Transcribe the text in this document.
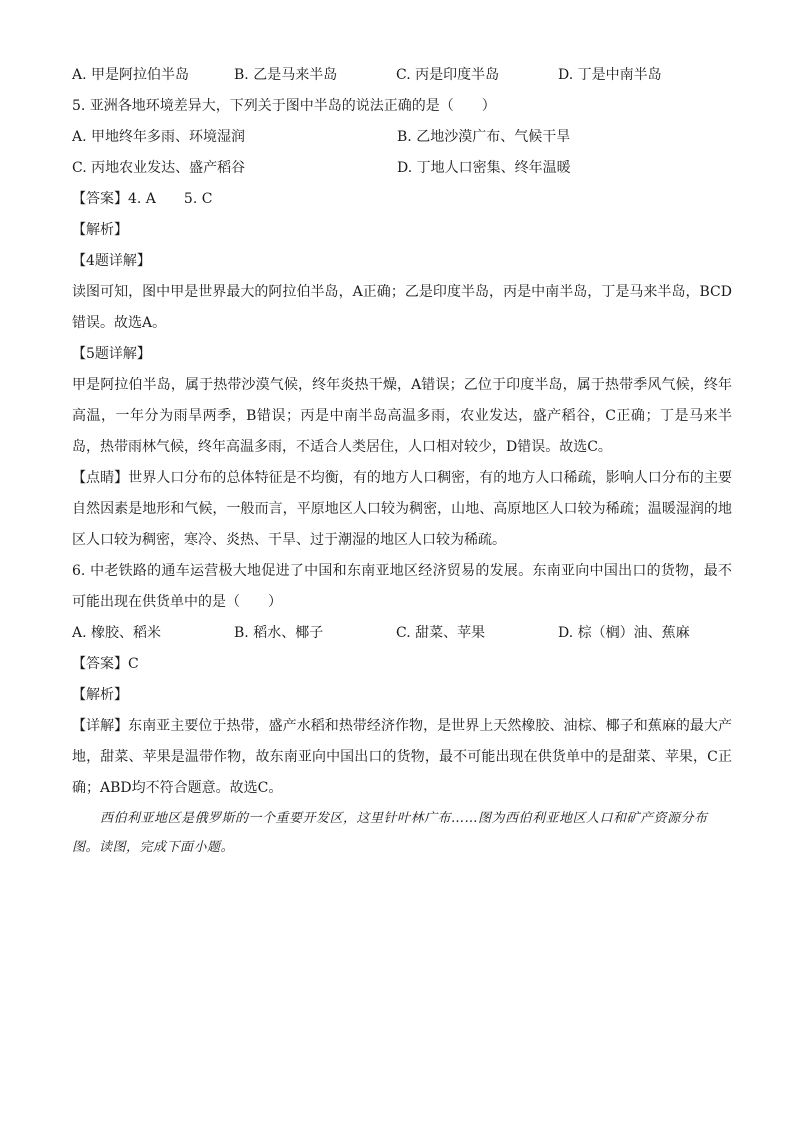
A. 甲是阿拉伯半岛	B. 乙是马来半岛	C. 丙是印度半岛	D. 丁是中南半岛
5. 亚洲各地环境差异大，下列关于图中半岛的说法正确的是（　　）
A. 甲地终年多雨、环境湿润	B. 乙地沙漠广布、气候干旱
C. 丙地农业发达、盛产稻谷	D. 丁地人口密集、终年温暖
【答案】4. A　　5. C
【解析】
【4题详解】
读图可知，图中甲是世界最大的阿拉伯半岛，A正确；乙是印度半岛，丙是中南半岛，丁是马来半岛，BCD错误。故选A。
【5题详解】
甲是阿拉伯半岛，属于热带沙漠气候，终年炎热干燥，A错误；乙位于印度半岛，属于热带季风气候，终年高温，一年分为雨旱两季，B错误；丙是中南半岛高温多雨，农业发达，盛产稻谷，C正确；丁是马来半岛，热带雨林气候，终年高温多雨，不适合人类居住，人口相对较少，D错误。故选C。
【点睛】世界人口分布的总体特征是不均衡，有的地方人口稠密，有的地方人口稀疏，影响人口分布的主要自然因素是地形和气候，一般而言，平原地区人口较为稠密，山地、高原地区人口较为稀疏；温暖湿润的地区人口较为稠密，寒冷、炎热、干旱、过于潮湿的地区人口较为稀疏。
6. 中老铁路的通车运营极大地促进了中国和东南亚地区经济贸易的发展。东南亚向中国出口的货物，最不可能出现在供货单中的是（　　）
A. 橡胶、稻米	B. 稻水、椰子	C. 甜菜、苹果	D. 棕（榈）油、蕉麻
【答案】C
【解析】
【详解】东南亚主要位于热带，盛产水稻和热带经济作物，是世界上天然橡胶、油棕、椰子和蕉麻的最大产地，甜菜、苹果是温带作物，故东南亚向中国出口的货物，最不可能出现在供货单中的是甜菜、苹果，C正确；ABD均不符合题意。故选C。
西伯利亚地区是俄罗斯的一个重要开发区，这里针叶林广布……图为西伯利亚地区人口和矿产资源分布图。读图，完成下面小题。
